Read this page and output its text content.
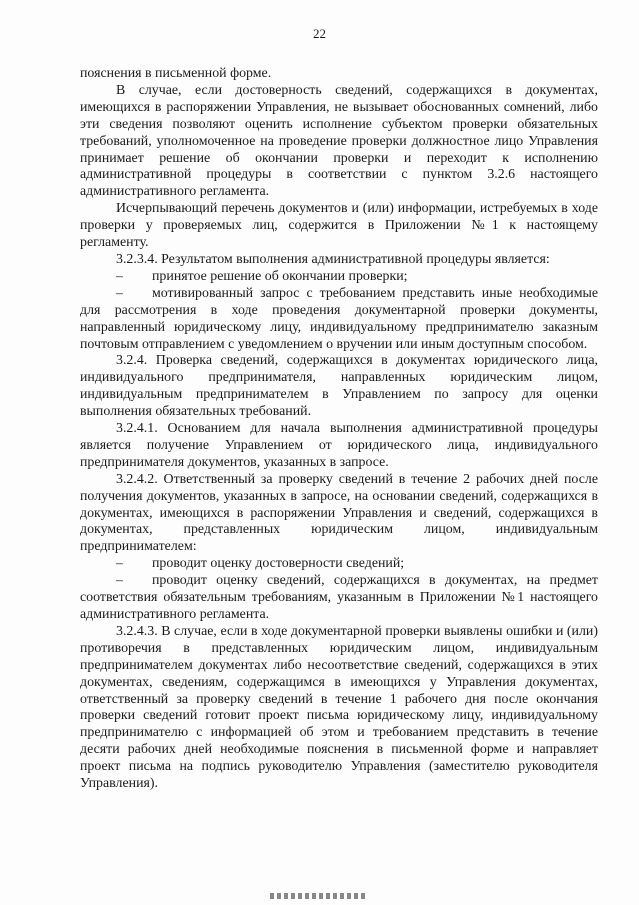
22

пояснения в письменной форме.

В случае, если достоверность сведений, содержащихся в документах, имеющихся в распоряжении Управления, не вызывает обоснованных сомнений, либо эти сведения позволяют оценить исполнение субъектом проверки обязательных требований, уполномоченное на проведение проверки должностное лицо Управления принимает решение об окончании проверки и переходит к исполнению административной процедуры в соответствии с пунктом 3.2.6 настоящего административного регламента.

Исчерпывающий перечень документов и (или) информации, истребуемых в ходе проверки у проверяемых лиц, содержится в Приложении №1 к настоящему регламенту.

3.2.3.4. Результатом выполнения административной процедуры является:

– принятое решение об окончании проверки;

– мотивированный запрос с требованием представить иные необходимые для рассмотрения в ходе проведения документарной проверки документы, направленный юридическому лицу, индивидуальному предпринимателю заказным почтовым отправлением с уведомлением о вручении или иным доступным способом.

3.2.4. Проверка сведений, содержащихся в документах юридического лица, индивидуального предпринимателя, направленных юридическим лицом, индивидуальным предпринимателем в Управлением по запросу для оценки выполнения обязательных требований.

3.2.4.1. Основанием для начала выполнения административной процедуры является получение Управлением от юридического лица, индивидуального предпринимателя документов, указанных в запросе.

3.2.4.2. Ответственный за проверку сведений в течение 2 рабочих дней после получения документов, указанных в запросе, на основании сведений, содержащихся в документах, имеющихся в распоряжении Управления и сведений, содержащихся в документах, представленных юридическим лицом, индивидуальным предпринимателем:

– проводит оценку достоверности сведений;

– проводит оценку сведений, содержащихся в документах, на предмет соответствия обязательным требованиям, указанным в Приложении №1 настоящего административного регламента.

3.2.4.3. В случае, если в ходе документарной проверки выявлены ошибки и (или) противоречия в представленных юридическим лицом, индивидуальным предпринимателем документах либо несоответствие сведений, содержащихся в этих документах, сведениям, содержащимся в имеющихся у Управления документах, ответственный за проверку сведений в течение 1 рабочего дня после окончания проверки сведений готовит проект письма юридическому лицу, индивидуальному предпринимателю с информацией об этом и требованием представить в течение десяти рабочих дней необходимые пояснения в письменной форме и направляет проект письма на подпись руководителю Управления (заместителю руководителя Управления).
